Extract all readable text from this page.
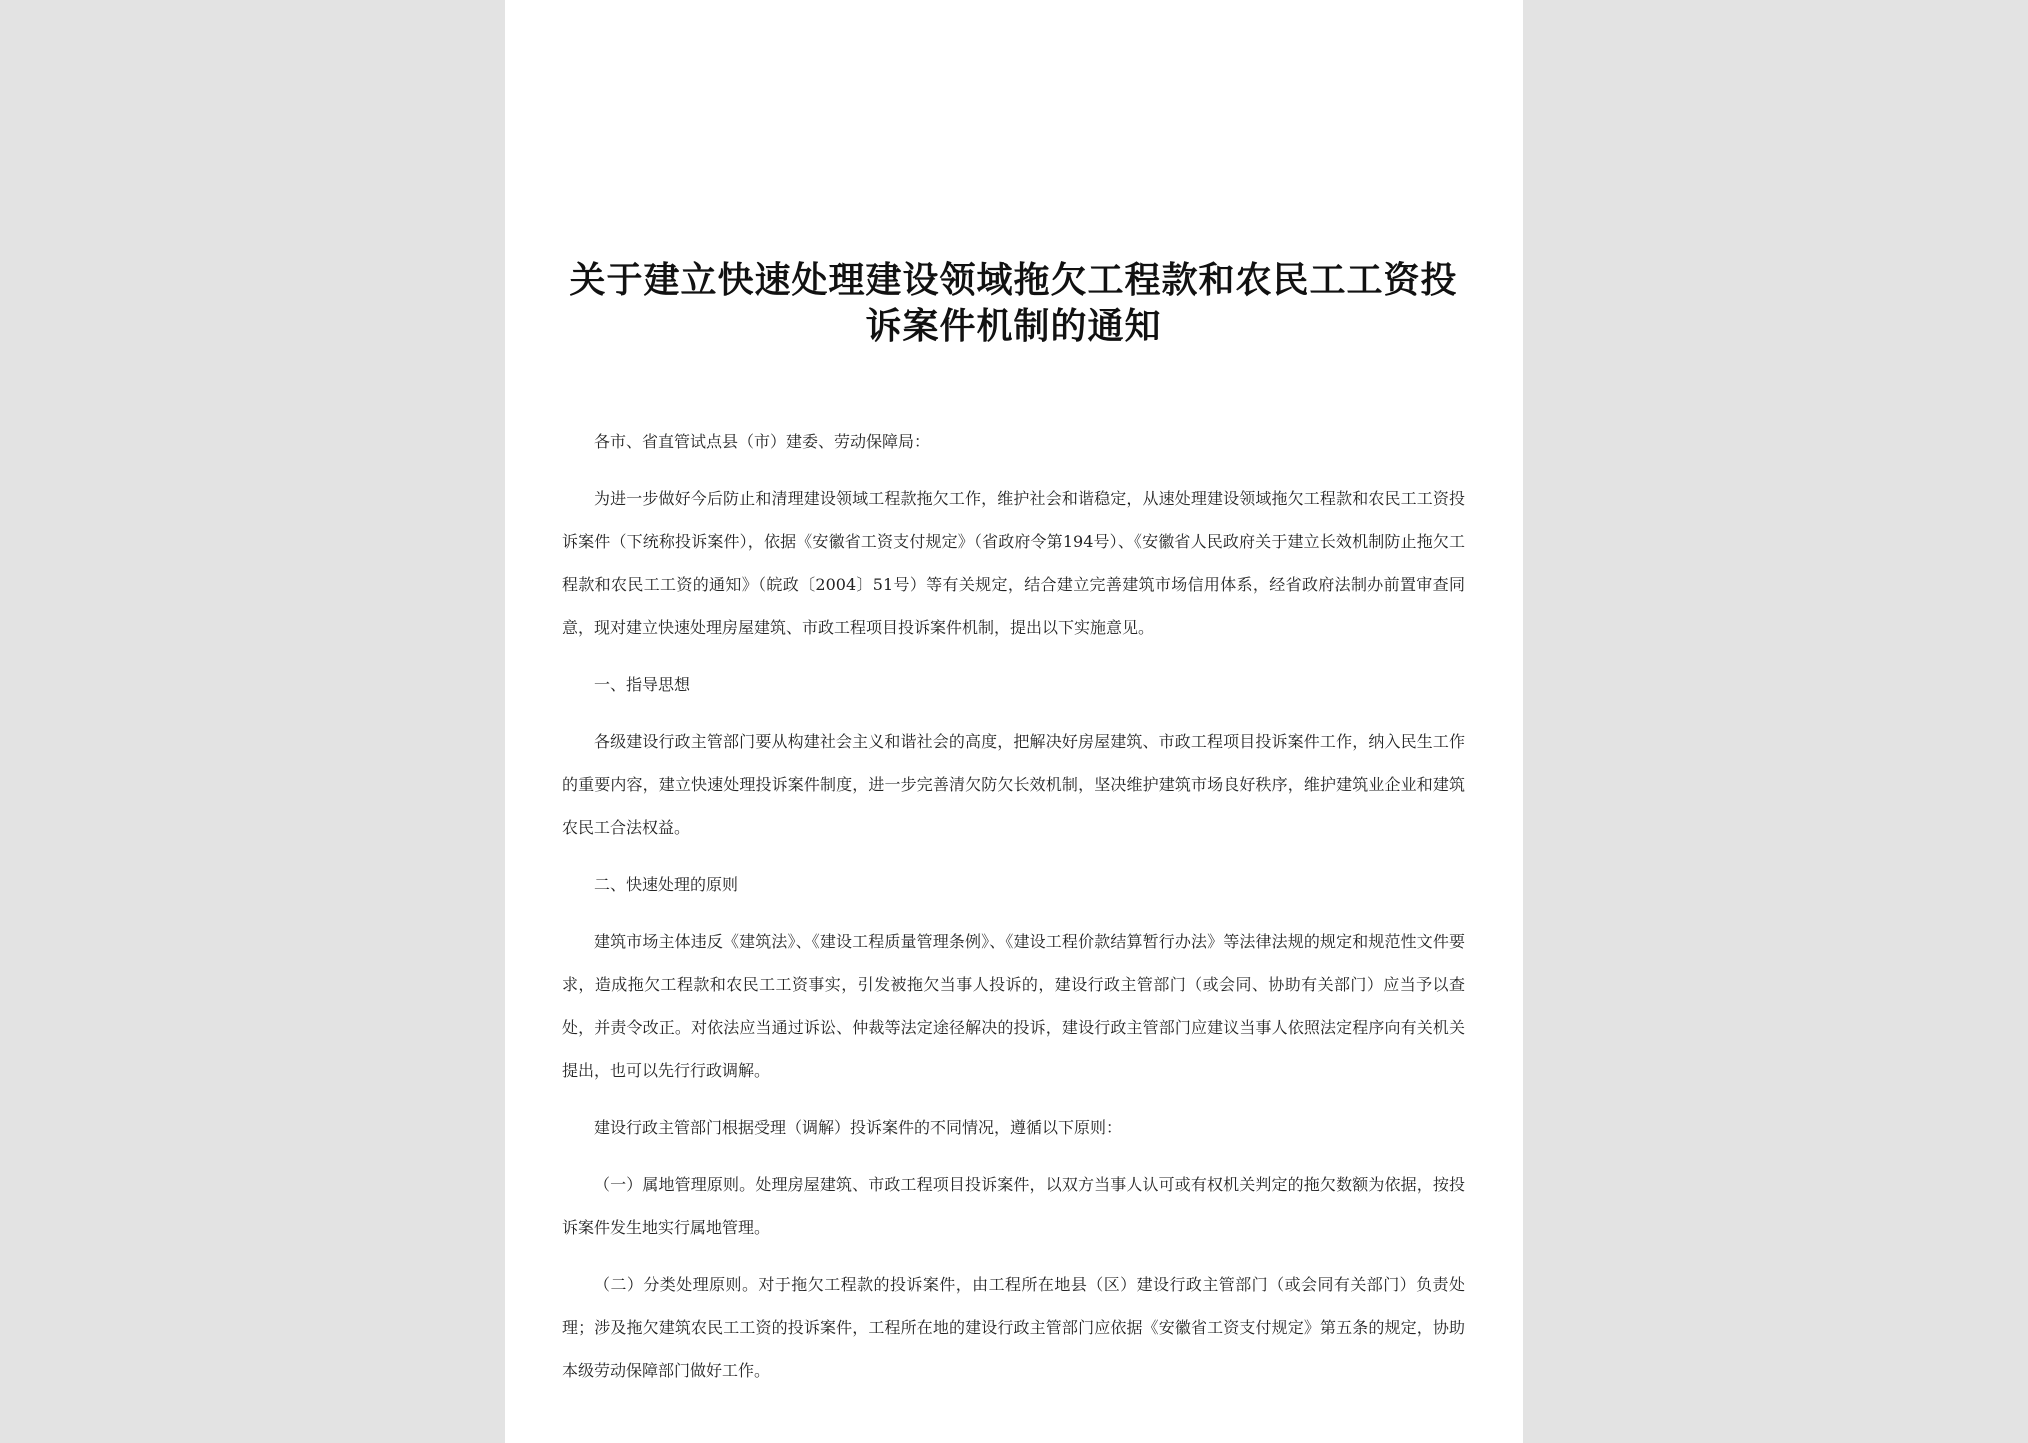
关于建立快速处理建设领域拖欠工程款和农民工工资投
诉案件机制的通知

各市、省直管试点县（市）建委、劳动保障局：

为进一步做好今后防止和清理建设领域工程款拖欠工作，维护社会和谐稳定，从速处理建设领域拖欠工程款和农民工工资投诉案件（下统称投诉案件），依据《安徽省工资支付规定》（省政府令第194号）、《安徽省人民政府关于建立长效机制防止拖欠工程款和农民工工资的通知》（皖政〔2004〕51号）等有关规定，结合建立完善建筑市场信用体系，经省政府法制办前置审查同意，现对建立快速处理房屋建筑、市政工程项目投诉案件机制，提出以下实施意见。

一、指导思想

各级建设行政主管部门要从构建社会主义和谐社会的高度，把解决好房屋建筑、市政工程项目投诉案件工作，纳入民生工作的重要内容，建立快速处理投诉案件制度，进一步完善清欠防欠长效机制，坚决维护建筑市场良好秩序，维护建筑业企业和建筑农民工合法权益。

二、快速处理的原则

建筑市场主体违反《建筑法》、《建设工程质量管理条例》、《建设工程价款结算暂行办法》等法律法规的规定和规范性文件要求，造成拖欠工程款和农民工工资事实，引发被拖欠当事人投诉的，建设行政主管部门（或会同、协助有关部门）应当予以查处，并责令改正。对依法应当通过诉讼、仲裁等法定途径解决的投诉，建设行政主管部门应建议当事人依照法定程序向有关机关提出，也可以先行行政调解。

建设行政主管部门根据受理（调解）投诉案件的不同情况，遵循以下原则：

（一）属地管理原则。处理房屋建筑、市政工程项目投诉案件，以双方当事人认可或有权机关判定的拖欠数额为依据，按投诉案件发生地实行属地管理。

（二）分类处理原则。对于拖欠工程款的投诉案件，由工程所在地县（区）建设行政主管部门（或会同有关部门）负责处理；涉及拖欠建筑农民工工资的投诉案件，工程所在地的建设行政主管部门应依据《安徽省工资支付规定》第五条的规定，协助本级劳动保障部门做好工作。
